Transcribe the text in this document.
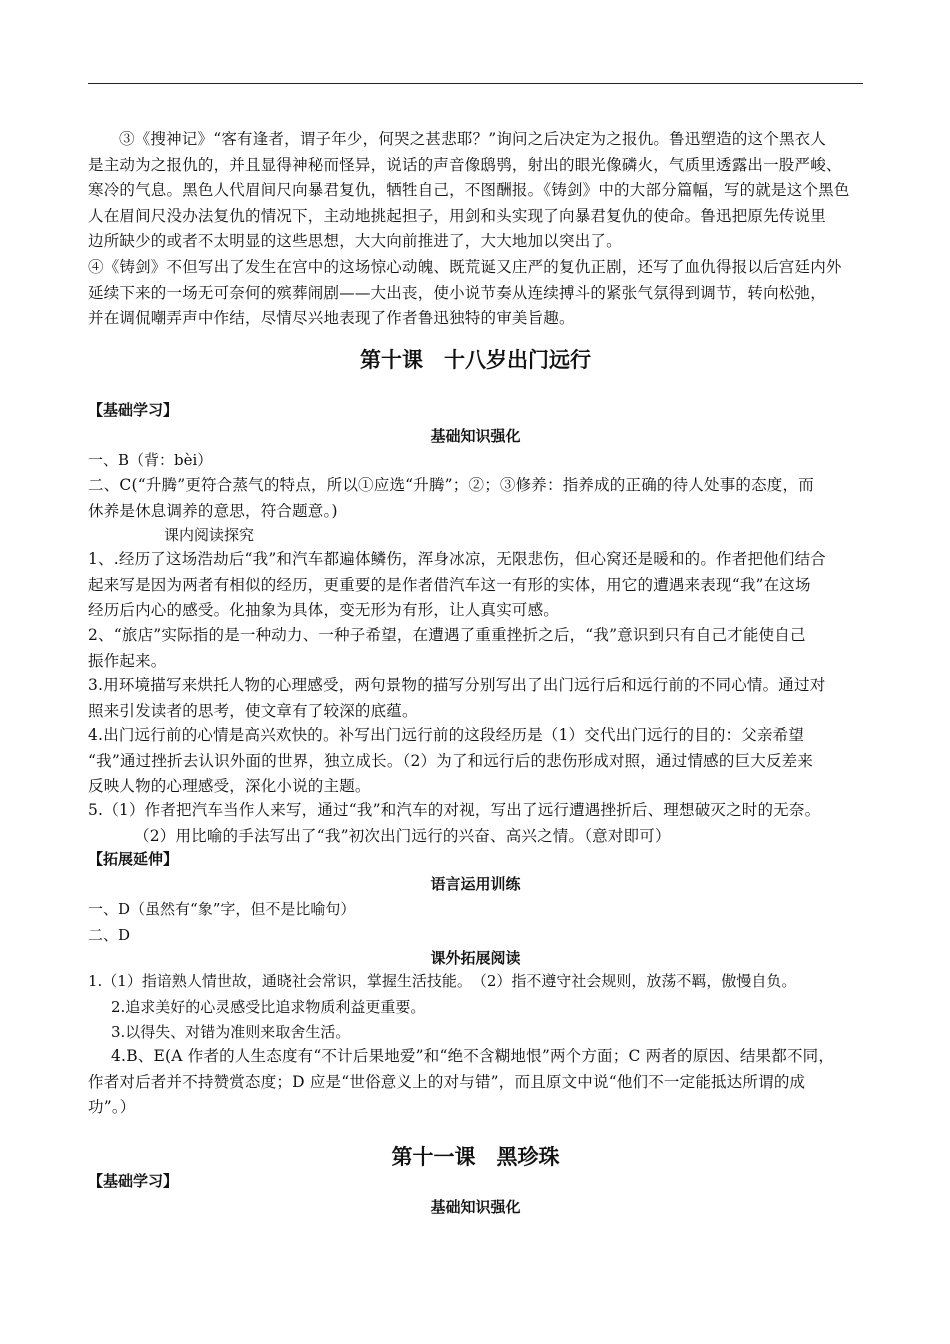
③《搜神记》“客有逢者，谓子年少，何哭之甚悲耶？”询问之后决定为之报仇。鲁迅塑造的这个黑衣人
是主动为之报仇的，并且显得神秘而怪异，说话的声音像鸱鸮，射出的眼光像磷火，气质里透露出一股严峻、
寒冷的气息。黑色人代眉间尺向暴君复仇，牺牲自己，不图酬报。《铸剑》中的大部分篇幅，写的就是这个黑色
人在眉间尺没办法复仇的情况下，主动地挑起担子，用剑和头实现了向暴君复仇的使命。鲁迅把原先传说里
边所缺少的或者不太明显的这些思想，大大向前推进了，大大地加以突出了。
④《铸剑》不但写出了发生在宫中的这场惊心动魄、既荒诞又庄严的复仇正剧，还写了血仇得报以后宫廷内外
延续下来的一场无可奈何的殡葬闹剧——大出丧，使小说节奏从连续搏斗的紧张气氛得到调节，转向松弛，
并在调侃嘲弄声中作结，尽情尽兴地表现了作者鲁迅独特的审美旨趣。
第十课　十八岁出门远行
【基础学习】
基础知识强化
一、B（背：bèi）
二、C(“升腾”更符合蒸气的特点，所以①应选“升腾”；②；③修养：指养成的正确的待人处事的态度，而
休养是休息调养的意思，符合题意。)
课内阅读探究
1、.经历了这场浩劫后“我”和汽车都遍体鳞伤，浑身冰凉，无限悲伤，但心窝还是暖和的。作者把他们结合
起来写是因为两者有相似的经历，更重要的是作者借汽车这一有形的实体，用它的遭遇来表现“我”在这场
经历后内心的感受。化抽象为具体，变无形为有形，让人真实可感。
2、“旅店”实际指的是一种动力、一种子希望，在遭遇了重重挫折之后，“我”意识到只有自己才能使自己
振作起来。
3.用环境描写来烘托人物的心理感受，两句景物的描写分别写出了出门远行后和远行前的不同心情。通过对
照来引发读者的思考，使文章有了较深的底蕴。
4.出门远行前的心情是高兴欢快的。补写出门远行前的这段经历是（1）交代出门远行的目的：父亲希望
“我”通过挫折去认识外面的世界，独立成长。（2）为了和远行后的悲伤形成对照，通过情感的巨大反差来
反映人物的心理感受，深化小说的主题。
5.（1）作者把汽车当作人来写，通过“我”和汽车的对视，写出了远行遭遇挫折后、理想破灭之时的无奈。
（2）用比喻的手法写出了“我”初次出门远行的兴奋、高兴之情。（意对即可）
【拓展延伸】
语言运用训练
一、D（虽然有“象”字，但不是比喻句）
二、D
课外拓展阅读
1.（1）指谙熟人情世故，通晓社会常识，掌握生活技能。　（2）指不遵守社会规则，放荡不羁，傲慢自负。
2.追求美好的心灵感受比追求物质利益更重要。
3.以得失、对错为准则来取舍生活。
4.B、E(A 作者的人生态度有“不计后果地爱”和“绝不含糊地恨”两个方面；C 两者的原因、结果都不同，
作者对后者并不持赞赏态度；D 应是“世俗意义上的对与错”，而且原文中说“他们不一定能抵达所谓的成
功”。）
第十一课　黑珍珠
【基础学习】
基础知识强化
